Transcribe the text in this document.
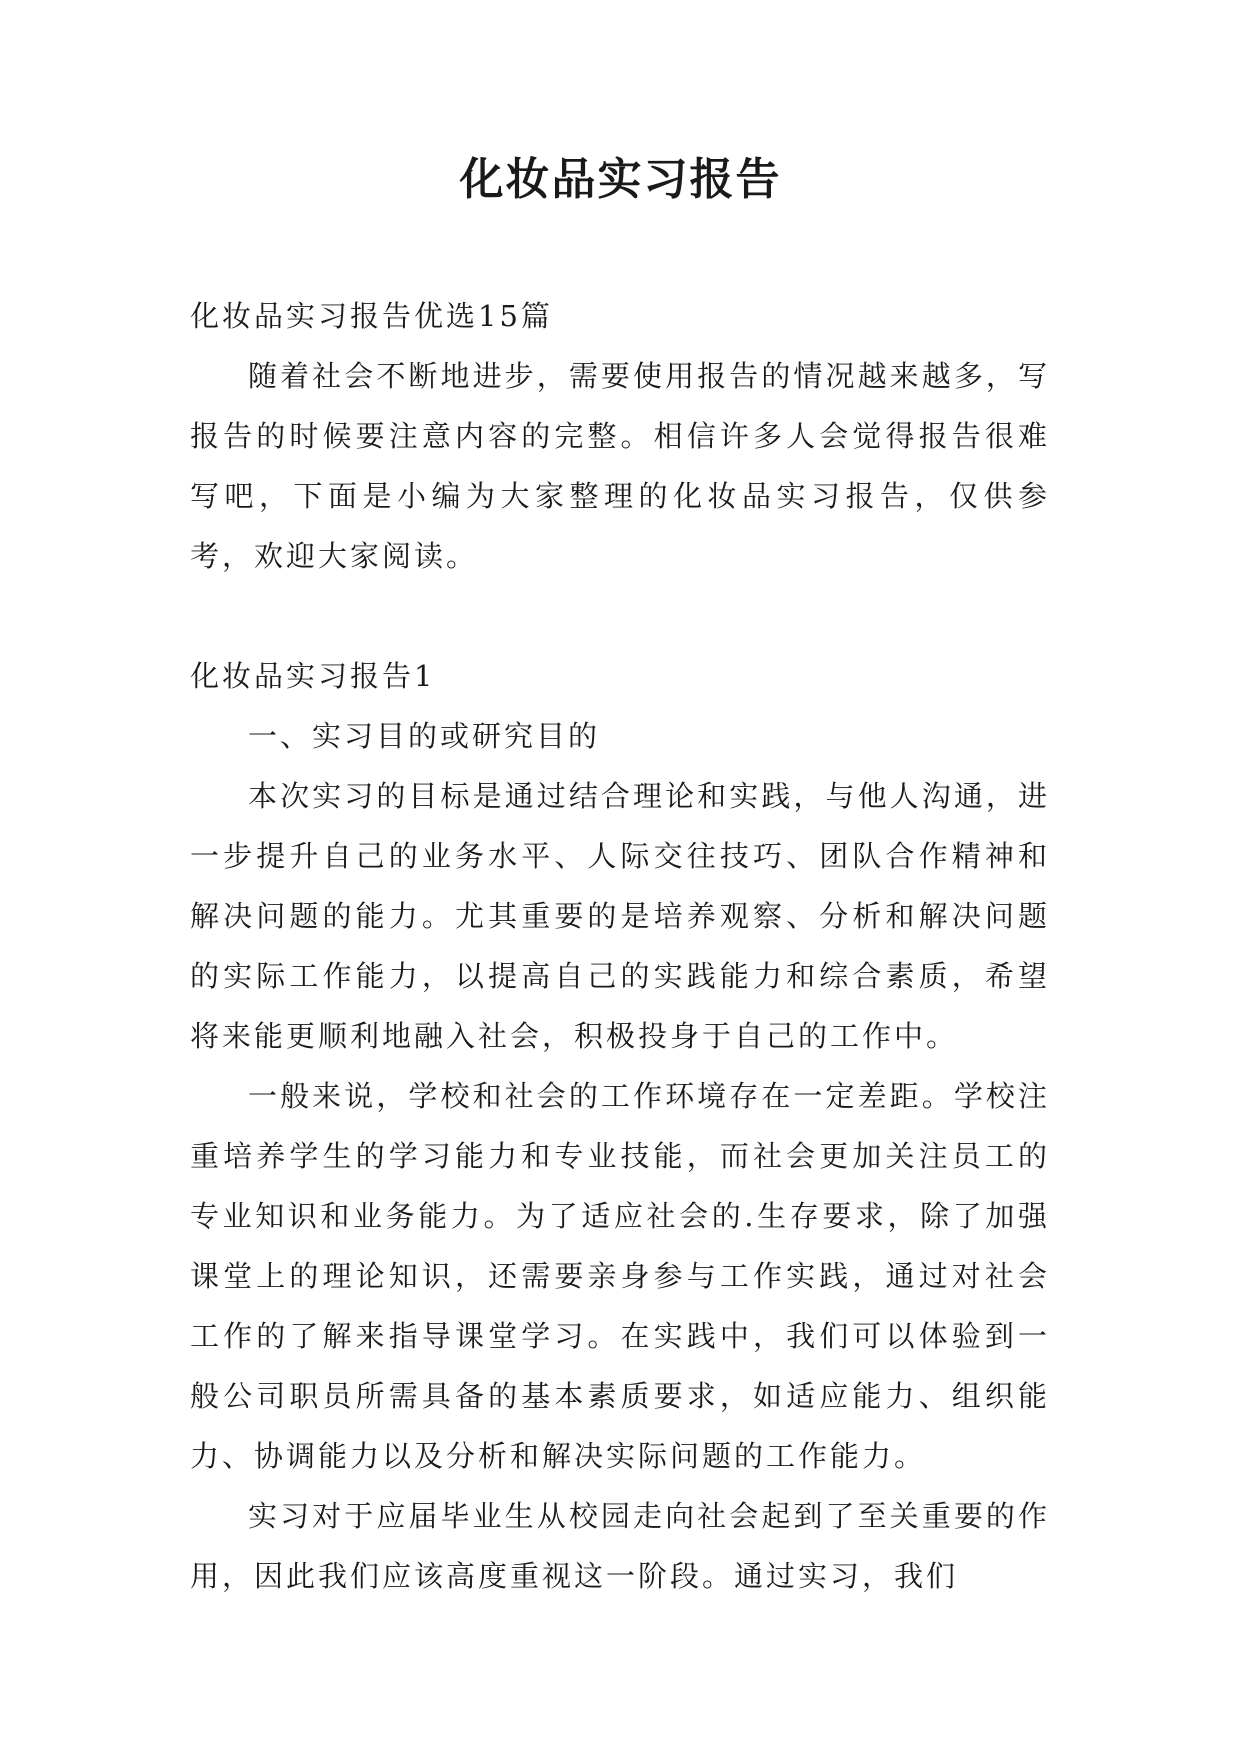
化妆品实习报告

化妆品实习报告优选15篇

随着社会不断地进步，需要使用报告的情况越来越多，写报告的时候要注意内容的完整。相信许多人会觉得报告很难写吧，下面是小编为大家整理的化妆品实习报告，仅供参考，欢迎大家阅读。

化妆品实习报告1

一、实习目的或研究目的

本次实习的目标是通过结合理论和实践，与他人沟通，进一步提升自己的业务水平、人际交往技巧、团队合作精神和解决问题的能力。尤其重要的是培养观察、分析和解决问题的实际工作能力，以提高自己的实践能力和综合素质，希望将来能更顺利地融入社会，积极投身于自己的工作中。

一般来说，学校和社会的工作环境存在一定差距。学校注重培养学生的学习能力和专业技能，而社会更加关注员工的专业知识和业务能力。为了适应社会的.生存要求，除了加强课堂上的理论知识，还需要亲身参与工作实践，通过对社会工作的了解来指导课堂学习。在实践中，我们可以体验到一般公司职员所需具备的基本素质要求，如适应能力、组织能力、协调能力以及分析和解决实际问题的工作能力。

实习对于应届毕业生从校园走向社会起到了至关重要的作用，因此我们应该高度重视这一阶段。通过实习，我们
